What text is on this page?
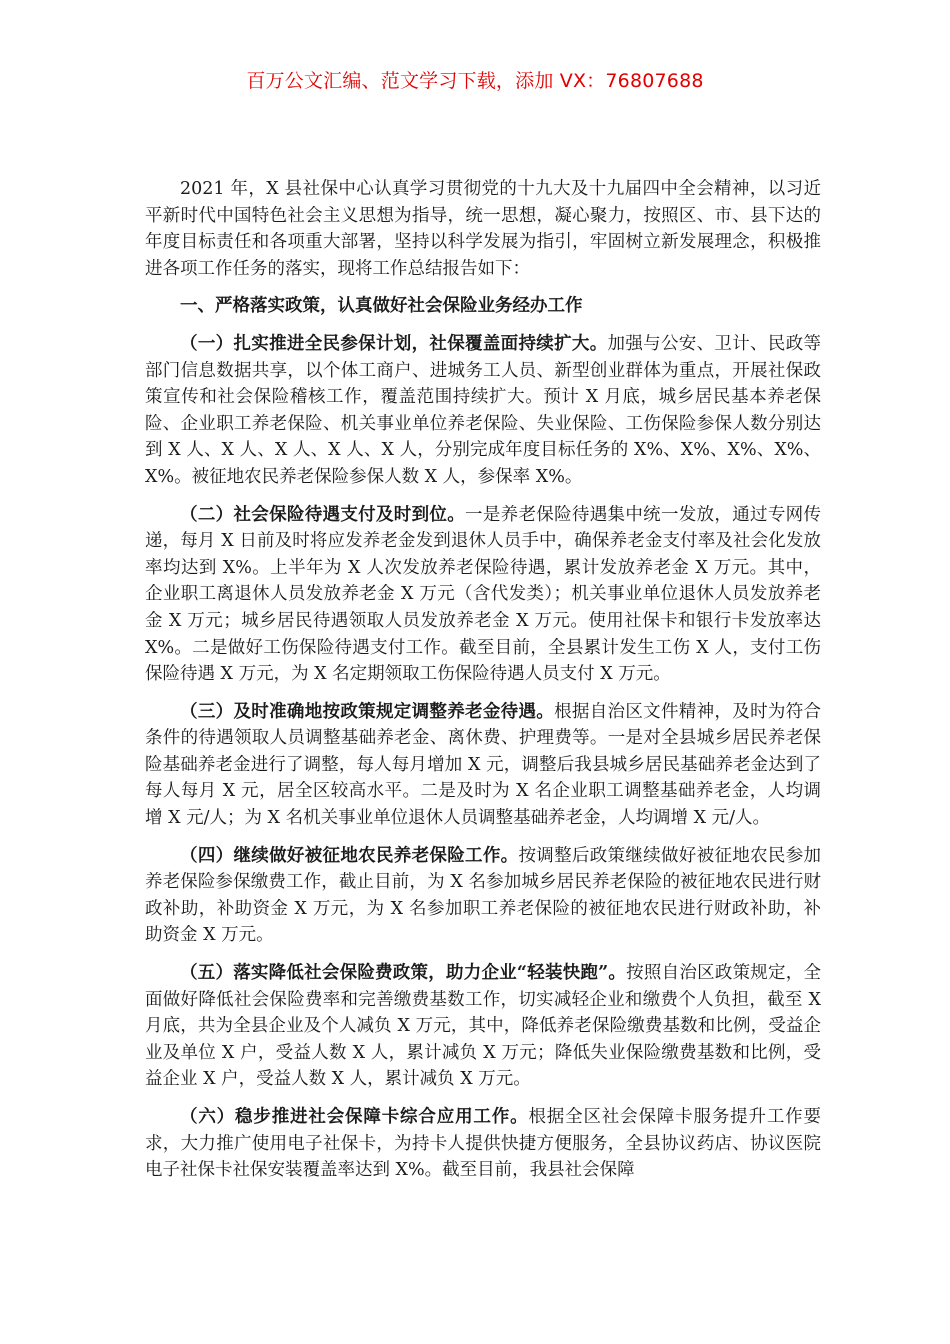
百万公文汇编、范文学习下载，添加 VX：76807688

2021 年，X 县社保中心认真学习贯彻党的十九大及十九届四中全会精神，以习近平新时代中国特色社会主义思想为指导，统一思想，凝心聚力，按照区、市、县下达的年度目标责任和各项重大部署，坚持以科学发展为指引，牢固树立新发展理念，积极推进各项工作任务的落实，现将工作总结报告如下：

一、严格落实政策，认真做好社会保险业务经办工作

（一）扎实推进全民参保计划，社保覆盖面持续扩大。加强与公安、卫计、民政等部门信息数据共享，以个体工商户、进城务工人员、新型创业群体为重点，开展社保政策宣传和社会保险稽核工作，覆盖范围持续扩大。预计 X 月底，城乡居民基本养老保险、企业职工养老保险、机关事业单位养老保险、失业保险、工伤保险参保人数分别达到 X 人、X 人、X 人、X 人、X 人，分别完成年度目标任务的 X%、X%、X%、X%、X%。被征地农民养老保险参保人数 X 人，参保率 X%。

（二）社会保险待遇支付及时到位。一是养老保险待遇集中统一发放，通过专网传递，每月 X 日前及时将应发养老金发到退休人员手中，确保养老金支付率及社会化发放率均达到 X%。上半年为 X 人次发放养老保险待遇，累计发放养老金 X 万元。其中，企业职工离退休人员发放养老金 X 万元（含代发类）；机关事业单位退休人员发放养老金 X 万元；城乡居民待遇领取人员发放养老金 X 万元。使用社保卡和银行卡发放率达 X%。二是做好工伤保险待遇支付工作。截至目前，全县累计发生工伤 X 人，支付工伤保险待遇 X 万元，为 X 名定期领取工伤保险待遇人员支付 X 万元。

（三）及时准确地按政策规定调整养老金待遇。根据自治区文件精神，及时为符合条件的待遇领取人员调整基础养老金、离休费、护理费等。一是对全县城乡居民养老保险基础养老金进行了调整，每人每月增加 X 元，调整后我县城乡居民基础养老金达到了每人每月 X 元，居全区较高水平。二是及时为 X 名企业职工调整基础养老金，人均调增 X 元/人；为 X 名机关事业单位退休人员调整基础养老金，人均调增 X 元/人。

（四）继续做好被征地农民养老保险工作。按调整后政策继续做好被征地农民参加养老保险参保缴费工作，截止目前，为 X 名参加城乡居民养老保险的被征地农民进行财政补助，补助资金 X 万元，为 X 名参加职工养老保险的被征地农民进行财政补助，补助资金 X 万元。

（五）落实降低社会保险费政策，助力企业“轻装快跑”。按照自治区政策规定，全面做好降低社会保险费率和完善缴费基数工作，切实减轻企业和缴费个人负担，截至 X 月底，共为全县企业及个人减负 X 万元，其中，降低养老保险缴费基数和比例，受益企业及单位 X 户，受益人数 X 人，累计减负 X 万元；降低失业保险缴费基数和比例，受益企业 X 户，受益人数 X 人，累计减负 X 万元。

（六）稳步推进社会保障卡综合应用工作。根据全区社会保障卡服务提升工作要求，大力推广使用电子社保卡，为持卡人提供快捷方便服务，全县协议药店、协议医院电子社保卡社保安装覆盖率达到 X%。截至目前，我县社会保障
